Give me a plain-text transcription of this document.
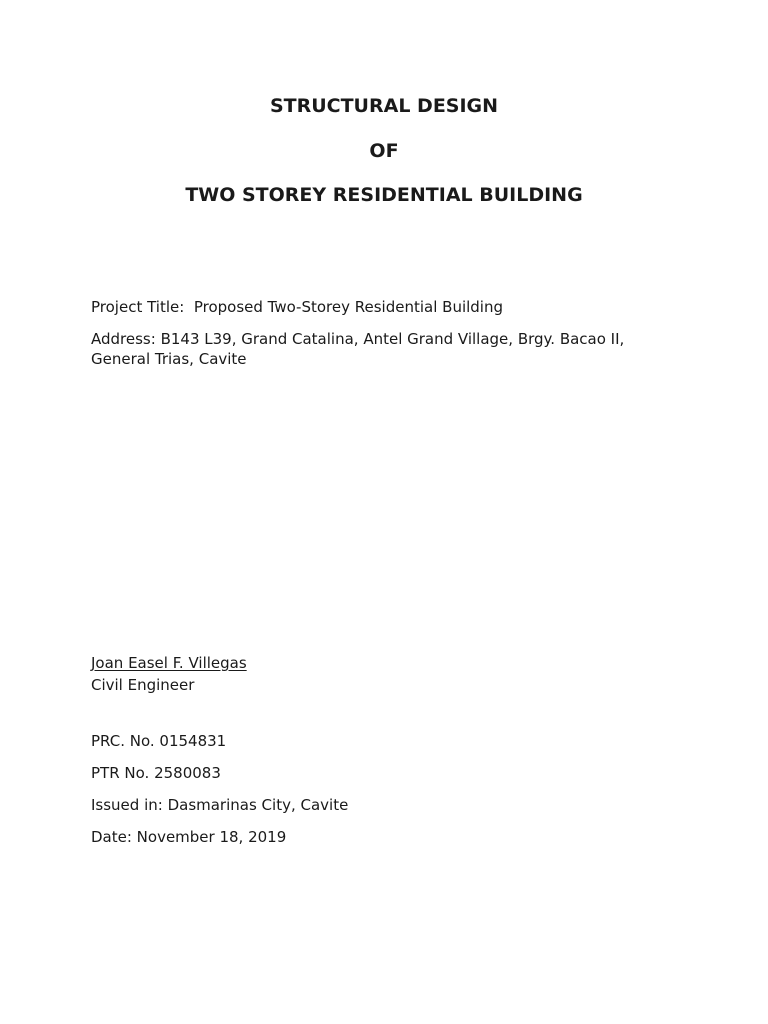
STRUCTURAL DESIGN
OF
TWO STOREY RESIDENTIAL BUILDING
Project Title:  Proposed Two-Storey Residential Building
Address: B143 L39, Grand Catalina, Antel Grand Village, Brgy. Bacao II, General Trias, Cavite
Joan Easel F. Villegas
Civil Engineer
PRC. No. 0154831
PTR No. 2580083
Issued in: Dasmarinas City, Cavite
Date: November 18, 2019
